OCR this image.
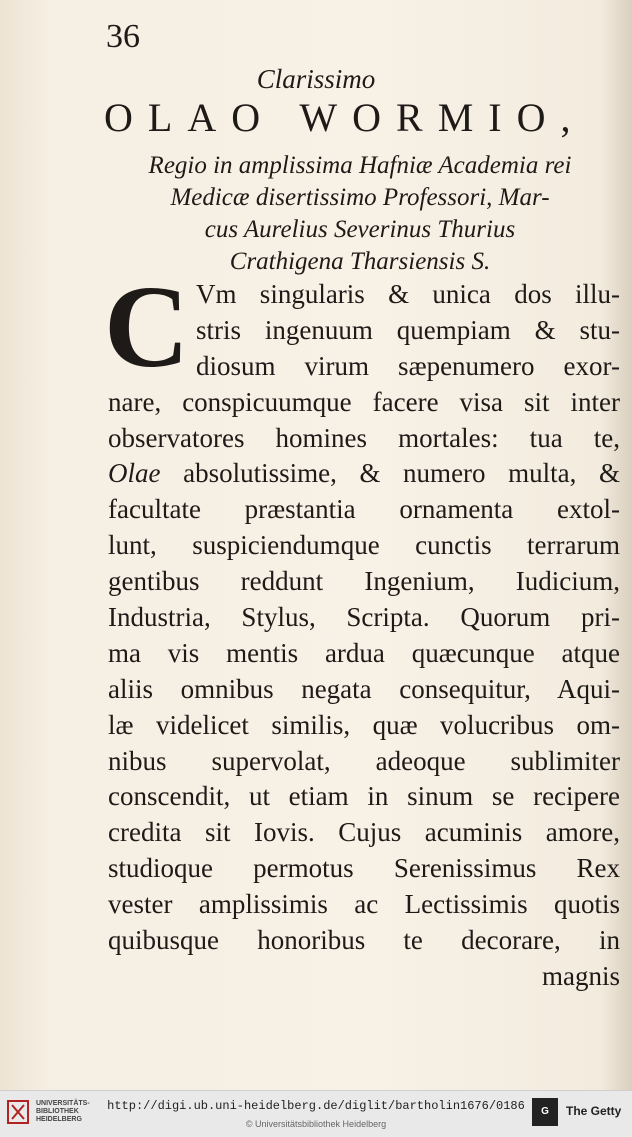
36
Clarissimo
OLAO WORMIO,
Regio in amplissima Hafniæ Academia rei
Medicæ disertissimo Professori, Mar-
cus Aurelius Severinus Thurius
Crathigena Tharsiensis S.
C Vm singularis & unica dos illu-
stris ingenuum quempiam & stu-
diosum virum sæpenumero exor-
nare, conspicuumque facere visa sit inter
observatores homines mortales: tua te,
Olae absolutissime, & numero multa, &
facultate præstantia ornamenta extol-
lunt, suspiciendumque cunctis terrarum
gentibus reddunt Ingenium, Iudicium,
Industria, Stylus, Scripta. Quorum pri-
ma vis mentis ardua quæcunque atque
aliis omnibus negata consequitur, Aqui-
læ videlicet similis, quæ volucribus om-
nibus supervolat, adeoque sublimiter
conscendit, ut etiam in sinum se recipere
credita sit Iovis. Cujus acuminis amore,
studioque permotus Serenissimus Rex
vester amplissimis ac Lectissimis quotis
quibusque honoribus te decorare, in
magnis
UNIVERSITÄTS-
BIBLIOTHEK
HEIDELBERG
http://digi.ub.uni-heidelberg.de/diglit/bartholin1676/0186
© Universitätsbibliothek Heidelberg
G	The Getty
